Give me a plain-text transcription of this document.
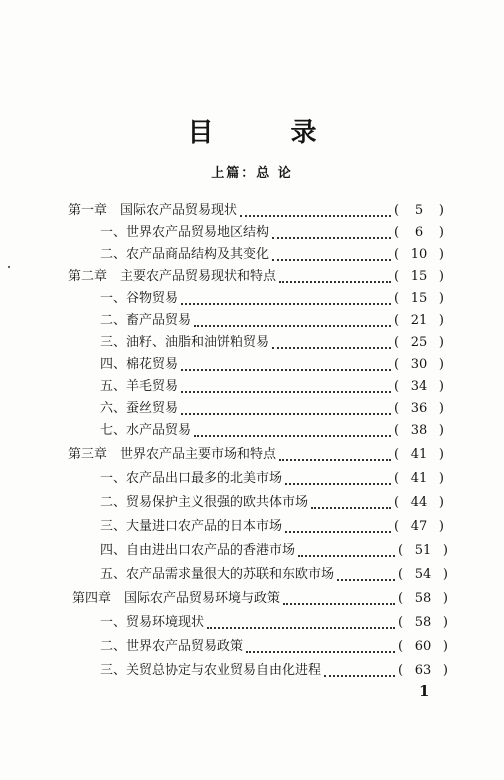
目 录
上篇：总 论
第一章　国际农产品贸易现状	(	5	)
一、世界农产品贸易地区结构	(	6	)
二、农产品商品结构及其变化	( 10 )
第二章　主要农产品贸易现状和特点	( 15 )
一、谷物贸易	( 15 )
二、畜产品贸易	( 21 )
三、油籽、油脂和油饼粕贸易	( 25 )
四、棉花贸易	( 30 )
五、羊毛贸易	( 34 )
六、蚕丝贸易	( 36 )
七、水产品贸易	( 38 )
第三章　世界农产品主要市场和特点	( 41 )
一、农产品出口最多的北美市场	( 41 )
二、贸易保护主义很强的欧共体市场	( 44 )
三、大量进口农产品的日本市场	( 47 )
四、自由进出口农产品的香港市场	( 51 )
五、农产品需求量很大的苏联和东欧市场	( 54 )
第四章　国际农产品贸易环境与政策	( 58 )
一、贸易环境现状	( 58 )
二、世界农产品贸易政策	( 60 )
三、关贸总协定与农业贸易自由化进程	( 63 )
1
